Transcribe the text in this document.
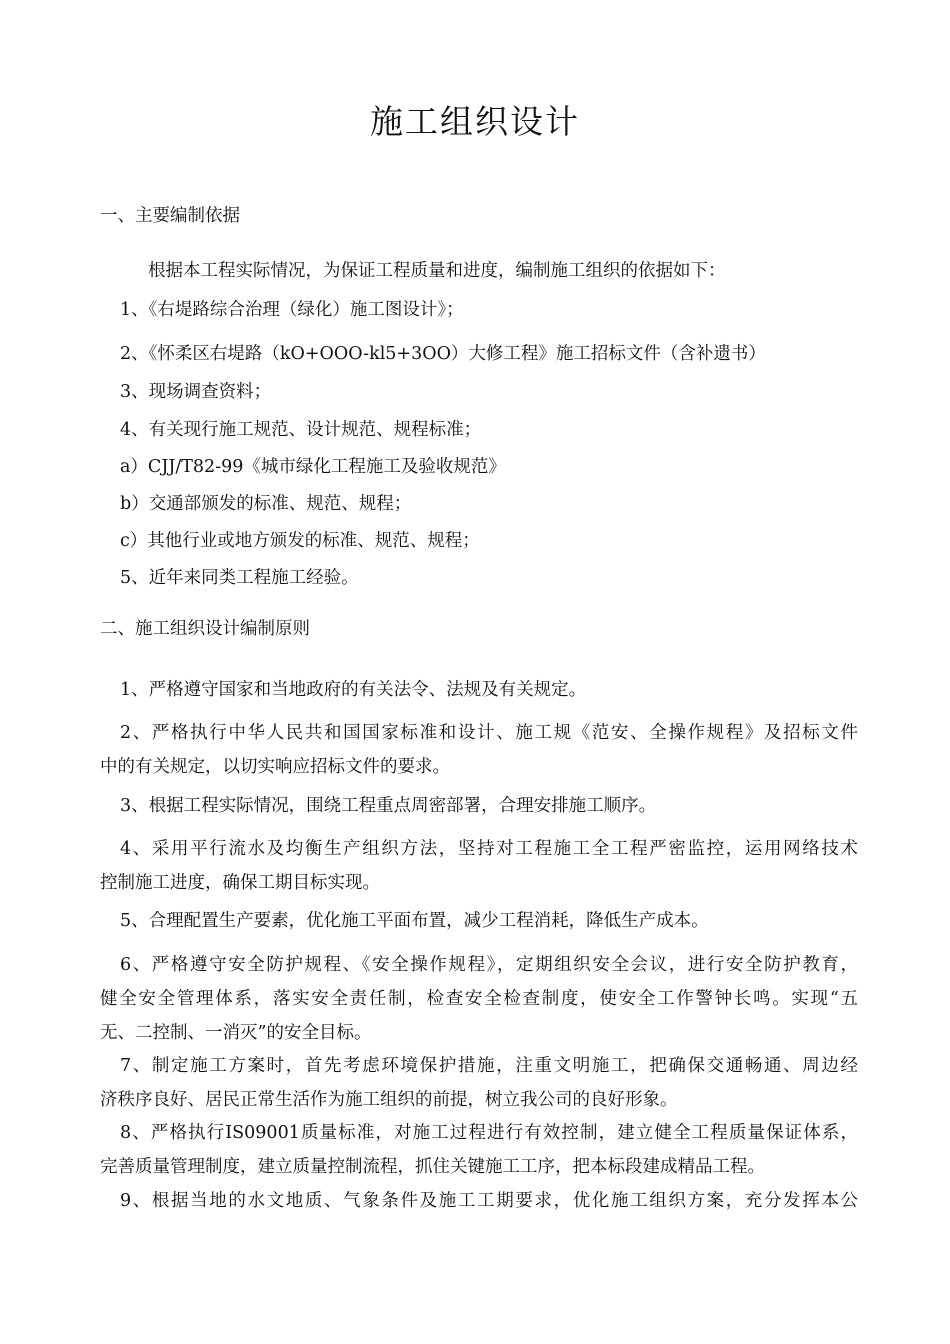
施工组织设计
一、主要编制依据
根据本工程实际情况，为保证工程质量和进度，编制施工组织的依据如下：
1、《右堤路综合治理（绿化）施工图设计》；
2、《怀柔区右堤路（kO+OOO-kl5+3OO）大修工程》施工招标文件（含补遗书）
3、现场调查资料；
4、有关现行施工规范、设计规范、规程标准；
a）CJJ/T82-99《城市绿化工程施工及验收规范》
b）交通部颁发的标准、规范、规程；
c）其他行业或地方颁发的标准、规范、规程；
5、近年来同类工程施工经验。
二、施工组织设计编制原则
1、严格遵守国家和当地政府的有关法令、法规及有关规定。
2、严格执行中华人民共和国国家标准和设计、施工规《范安、全操作规程》及招标文件
中的有关规定，以切实响应招标文件的要求。
3、根据工程实际情况，围绕工程重点周密部署，合理安排施工顺序。
4、采用平行流水及均衡生产组织方法，坚持对工程施工全工程严密监控，运用网络技术
控制施工进度，确保工期目标实现。
5、合理配置生产要素，优化施工平面布置，减少工程消耗，降低生产成本。
6、严格遵守安全防护规程、《安全操作规程》，定期组织安全会议，进行安全防护教育，
健全安全管理体系，落实安全责任制，检查安全检查制度，使安全工作警钟长鸣。实现“五
无、二控制、一消灭”的安全目标。
7、制定施工方案时，首先考虑环境保护措施，注重文明施工，把确保交通畅通、周边经
济秩序良好、居民正常生活作为施工组织的前提，树立我公司的良好形象。
8、严格执行IS09001质量标准，对施工过程进行有效控制，建立健全工程质量保证体系，
完善质量管理制度，建立质量控制流程，抓住关键施工工序，把本标段建成精品工程。
9、根据当地的水文地质、气象条件及施工工期要求，优化施工组织方案，充分发挥本公
